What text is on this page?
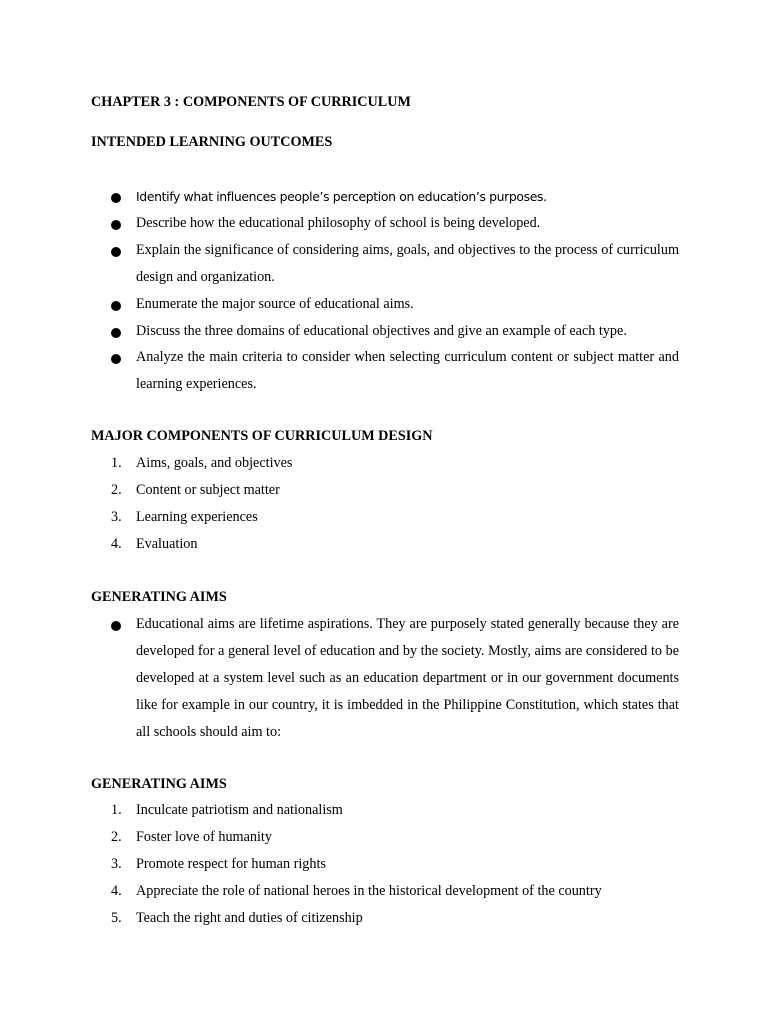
CHAPTER 3 : COMPONENTS OF CURRICULUM
INTENDED LEARNING OUTCOMES
Identify what influences people’s perception on education’s purposes.
Describe how the educational philosophy of school is being developed.
Explain the significance of considering aims, goals, and objectives to the process of curriculum design and organization.
Enumerate the major source of educational aims.
Discuss the three domains of educational objectives and give an example of each type.
Analyze the main criteria to consider when selecting curriculum content or subject matter and learning experiences.
MAJOR COMPONENTS OF CURRICULUM DESIGN
1. Aims, goals, and objectives
2. Content or subject matter
3. Learning experiences
4. Evaluation
GENERATING AIMS
Educational aims are lifetime aspirations. They are purposely stated generally because they are developed for a general level of education and by the society. Mostly, aims are considered to be developed at a system level such as an education department or in our government documents like for example in our country, it is imbedded in the Philippine Constitution, which states that all schools should aim to:
GENERATING AIMS
1. Inculcate patriotism and nationalism
2. Foster love of humanity
3. Promote respect for human rights
4. Appreciate the role of national heroes in the historical development of the country
5. Teach the right and duties of citizenship
